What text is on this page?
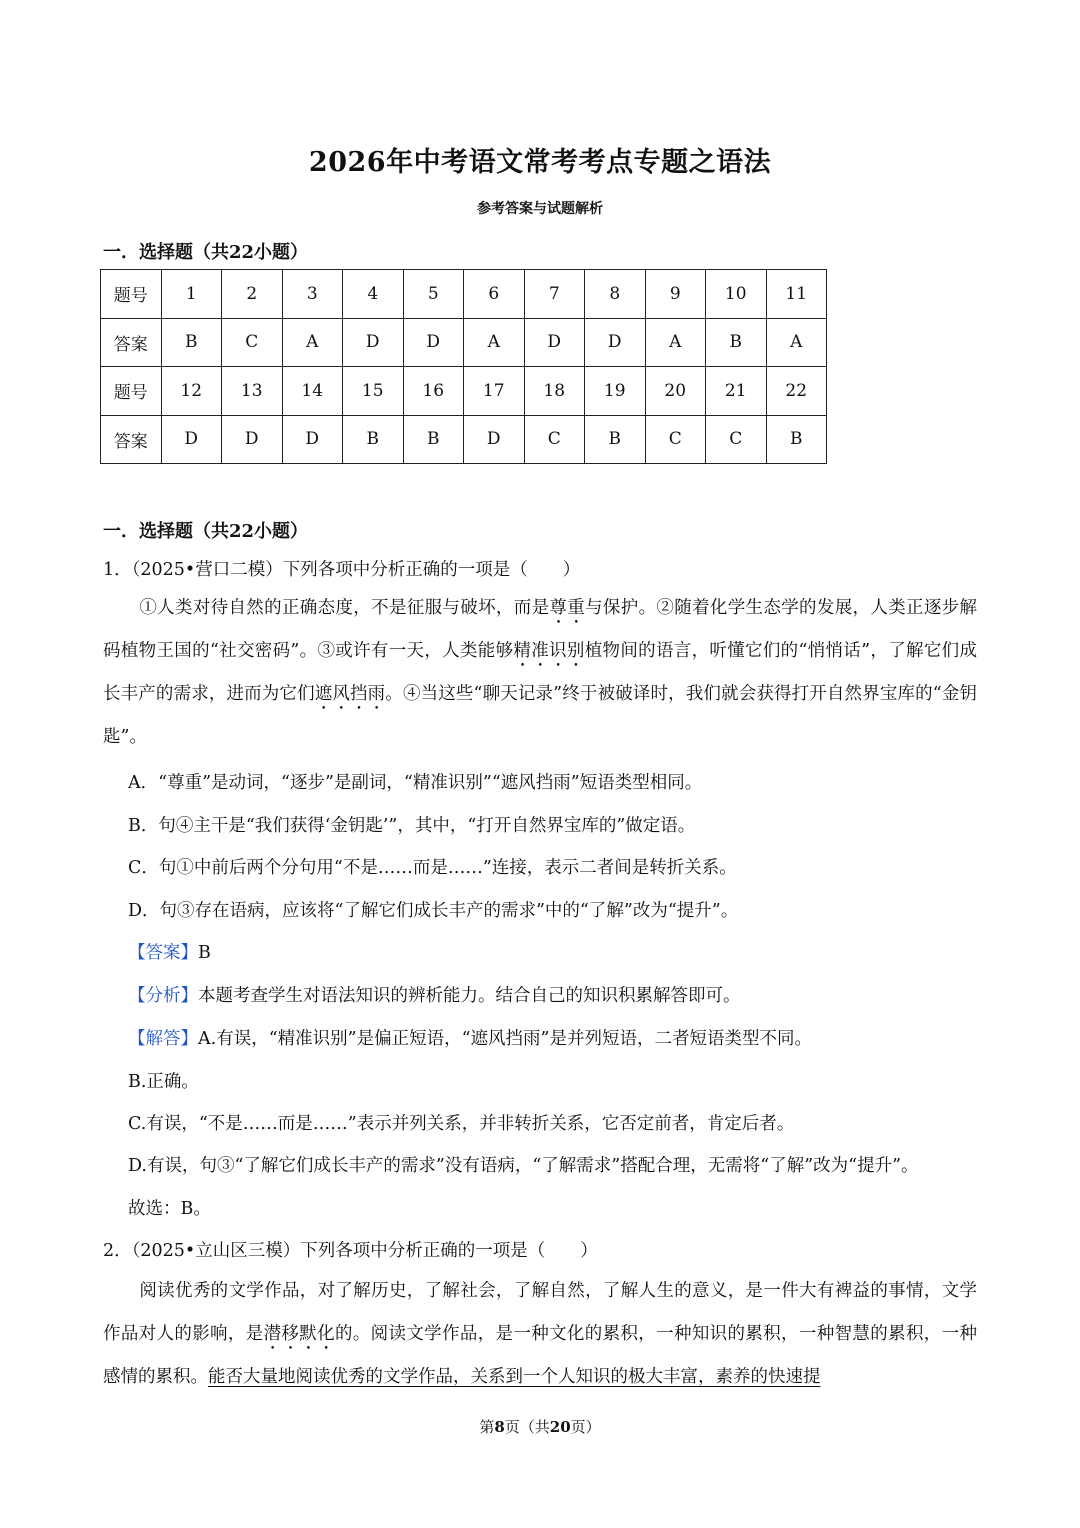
2026年中考语文常考考点专题之语法
参考答案与试题解析
一．选择题（共22小题）
题号	1	2	3	4	5	6	7	8	9	10	11
答案	B	C	A	D	D	A	D	D	A	B	A
题号	12	13	14	15	16	17	18	19	20	21	22
答案	D	D	D	B	B	D	C	B	C	C	B
一．选择题（共22小题）
1．（2025•营口二模）下列各项中分析正确的一项是（　　）
①人类对待自然的正确态度，不是征服与破坏，而是尊重与保护。②随着化学生态学的发展，人类正逐步解码植物王国的“社交密码”。③或许有一天，人类能够精准识别植物间的语言，听懂它们的“悄悄话”，了解它们成长丰产的需求，进而为它们遮风挡雨。④当这些“聊天记录”终于被破译时，我们就会获得打开自然界宝库的“金钥匙”。
A．“尊重”是动词，“逐步”是副词，“精准识别”“遮风挡雨”短语类型相同。
B．句④主干是“我们获得‘金钥匙’”，其中，“打开自然界宝库的”做定语。
C．句①中前后两个分句用“不是……而是……”连接，表示二者间是转折关系。
D．句③存在语病，应该将“了解它们成长丰产的需求”中的“了解”改为“提升”。
【答案】B
【分析】本题考查学生对语法知识的辨析能力。结合自己的知识积累解答即可。
【解答】A.有误，“精准识别”是偏正短语，“遮风挡雨”是并列短语，二者短语类型不同。
B.正确。
C.有误，“不是……而是……”表示并列关系，并非转折关系，它否定前者，肯定后者。
D.有误，句③“了解它们成长丰产的需求”没有语病，“了解需求”搭配合理，无需将“了解”改为“提升”。
故选：B。
2．（2025•立山区三模）下列各项中分析正确的一项是（　　）
阅读优秀的文学作品，对了解历史，了解社会，了解自然，了解人生的意义，是一件大有裨益的事情，文学作品对人的影响，是潜移默化的。阅读文学作品，是一种文化的累积，一种知识的累积，一种智慧的累积，一种感情的累积。能否大量地阅读优秀的文学作品，关系到一个人知识的极大丰富，素养的快速提
第8页（共20页）
